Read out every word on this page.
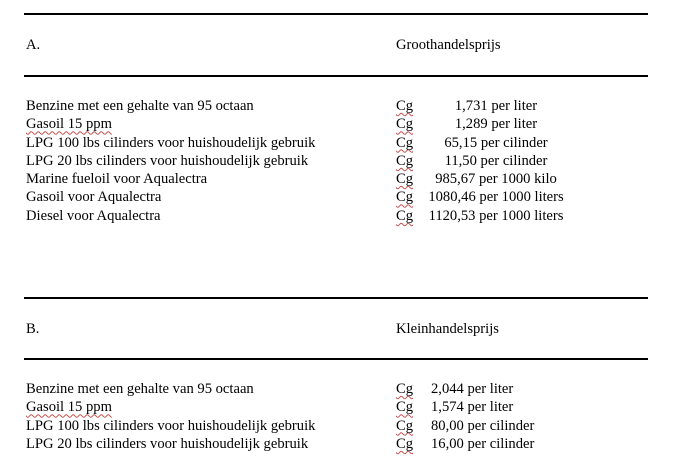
A.	Groothandelsprijs
Benzine met een gehalte van 95 octaan	Cg	1,731 per liter
Gasoil 15 ppm	Cg	1,289 per liter
LPG 100 lbs cilinders voor huishoudelijk gebruik	Cg 65,15 per cilinder
LPG 20 lbs cilinders voor huishoudelijk gebruik	Cg 11,50 per cilinder
Marine fueloil voor Aqualectra	Cg 985,67 per 1000 kilo
Gasoil voor Aqualectra	Cg 1080,46 per 1000 liters
Diesel voor Aqualectra	Cg 1120,53 per 1000 liters
B.	Kleinhandelsprijs
Benzine met een gehalte van 95 octaan	Cg 2,044 per liter
Gasoil 15 ppm	Cg 1,574 per liter
LPG 100 lbs cilinders voor huishoudelijk gebruik	Cg 80,00 per cilinder
LPG 20 lbs cilinders voor huishoudelijk gebruik	Cg 16,00 per cilinder
